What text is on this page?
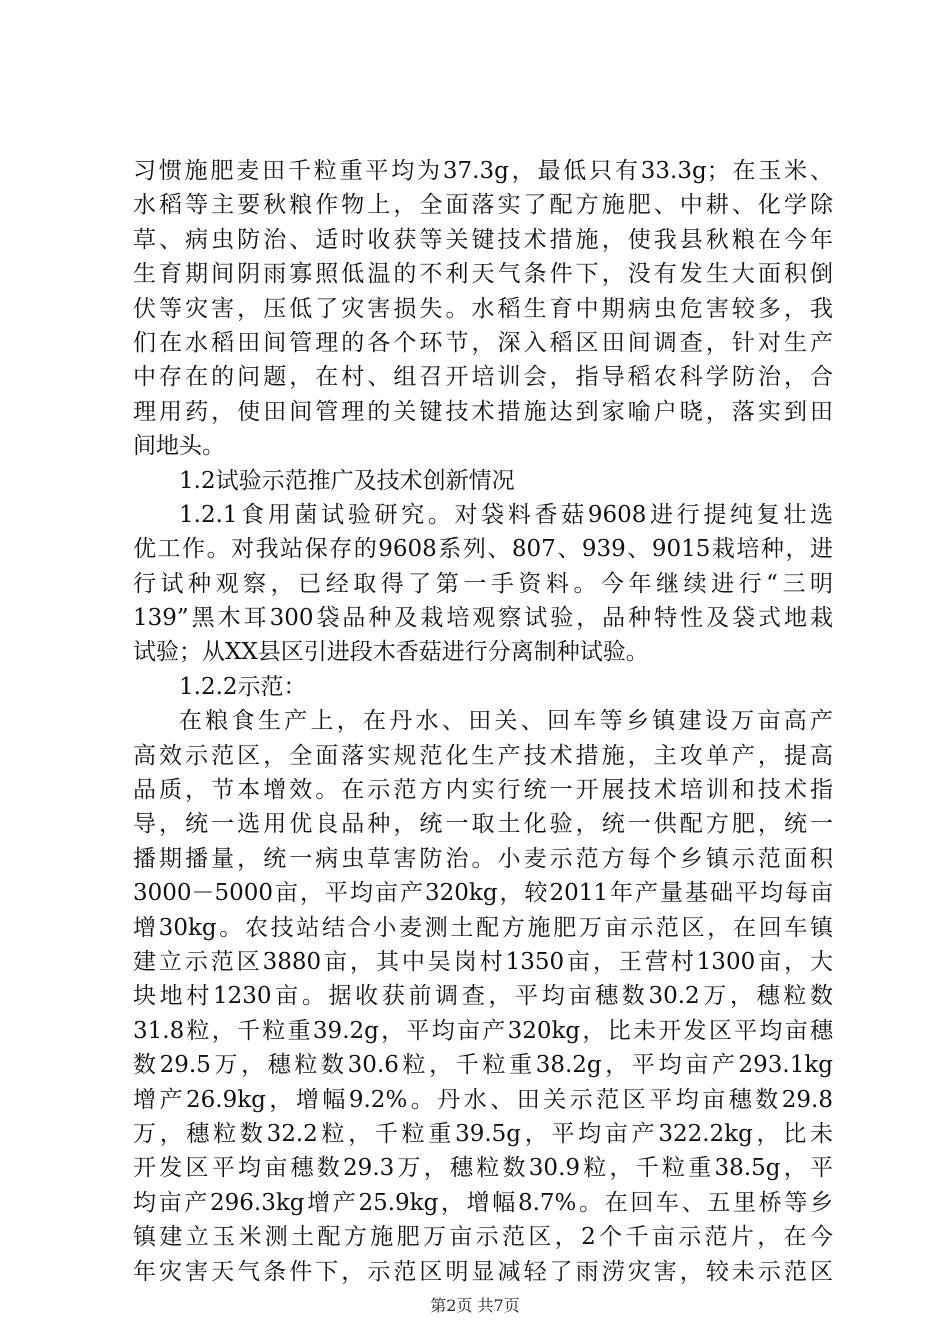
习惯施肥麦田千粒重平均为37.3g，最低只有33.3g；在玉米、
水稻等主要秋粮作物上，全面落实了配方施肥、中耕、化学除
草、病虫防治、适时收获等关键技术措施，使我县秋粮在今年
生育期间阴雨寡照低温的不利天气条件下，没有发生大面积倒
伏等灾害，压低了灾害损失。水稻生育中期病虫危害较多，我
们在水稻田间管理的各个环节，深入稻区田间调查，针对生产
中存在的问题，在村、组召开培训会，指导稻农科学防治，合
理用药，使田间管理的关键技术措施达到家喻户晓，落实到田
间地头。
1.2试验示范推广及技术创新情况
1.2.1食用菌试验研究。对袋料香菇9608进行提纯复壮选
优工作。对我站保存的9608系列、807、939、9015栽培种，进
行试种观察，已经取得了第一手资料。今年继续进行“三明
139”黑木耳300袋品种及栽培观察试验，品种特性及袋式地栽
试验；从XX县区引进段木香菇进行分离制种试验。
1.2.2示范：
在粮食生产上，在丹水、田关、回车等乡镇建设万亩高产
高效示范区，全面落实规范化生产技术措施，主攻单产，提高
品质，节本增效。在示范方内实行统一开展技术培训和技术指
导，统一选用优良品种，统一取土化验，统一供配方肥，统一
播期播量，统一病虫草害防治。小麦示范方每个乡镇示范面积
3000－5000亩，平均亩产320kg，较2011年产量基础平均每亩
增30kg。农技站结合小麦测土配方施肥万亩示范区，在回车镇
建立示范区3880亩，其中吴岗村1350亩，王营村1300亩，大
块地村1230亩。据收获前调查，平均亩穗数30.2万，穗粒数
31.8粒，千粒重39.2g，平均亩产320kg，比未开发区平均亩穗
数29.5万，穗粒数30.6粒，千粒重38.2g，平均亩产293.1kg
增产26.9kg，增幅9.2%。丹水、田关示范区平均亩穗数29.8
万，穗粒数32.2粒，千粒重39.5g，平均亩产322.2kg，比未
开发区平均亩穗数29.3万，穗粒数30.9粒，千粒重38.5g，平
均亩产296.3kg增产25.9kg，增幅8.7%。在回车、五里桥等乡
镇建立玉米测土配方施肥万亩示范区，2个千亩示范片，在今
年灾害天气条件下，示范区明显减轻了雨涝灾害，较未示范区
第2页 共7页
